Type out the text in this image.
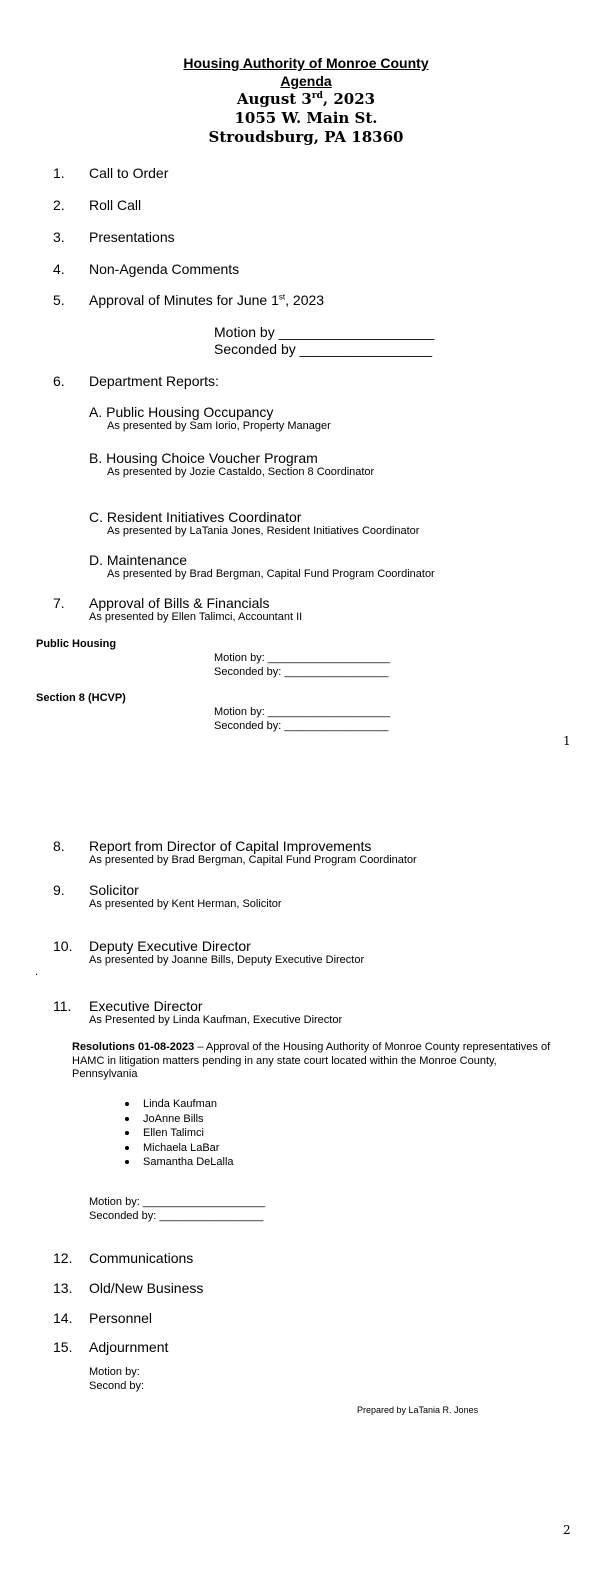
Housing Authority of Monroe County
Agenda
August 3rd, 2023
1055 W. Main St.
Stroudsburg, PA 18360
1. Call to Order
2. Roll Call
3. Presentations
4. Non-Agenda Comments
5. Approval of Minutes for June 1st, 2023
Motion by ____________________
Seconded by _________________
6. Department Reports:
A. Public Housing Occupancy
As presented by Sam Iorio, Property Manager
B. Housing Choice Voucher Program
As presented by Jozie Castaldo, Section 8 Coordinator
C. Resident Initiatives Coordinator
As presented by LaTania Jones, Resident Initiatives Coordinator
D. Maintenance
As presented by Brad Bergman, Capital Fund Program Coordinator
7. Approval of Bills & Financials
As presented by Ellen Talimci, Accountant II
Public Housing
Motion by: ____________________
Seconded by: _________________
Section 8 (HCVP)
Motion by: ____________________
Seconded by: _________________
1
8. Report from Director of Capital Improvements
As presented by Brad Bergman, Capital Fund Program Coordinator
9. Solicitor
As presented by Kent Herman, Solicitor
10. Deputy Executive Director
As presented by Joanne Bills, Deputy Executive Director
.
11. Executive Director
As Presented by Linda Kaufman, Executive Director
Resolutions 01-08-2023 – Approval of the Housing Authority of Monroe County representatives of HAMC in litigation matters pending in any state court located within the Monroe County, Pennsylvania
Linda Kaufman
JoAnne Bills
Ellen Talimci
Michaela LaBar
Samantha DeLalla
Motion by: ____________________
Seconded by: _________________
12. Communications
13. Old/New Business
14. Personnel
15. Adjournment
Motion by:
Second by:
Prepared by LaTania R. Jones
2
